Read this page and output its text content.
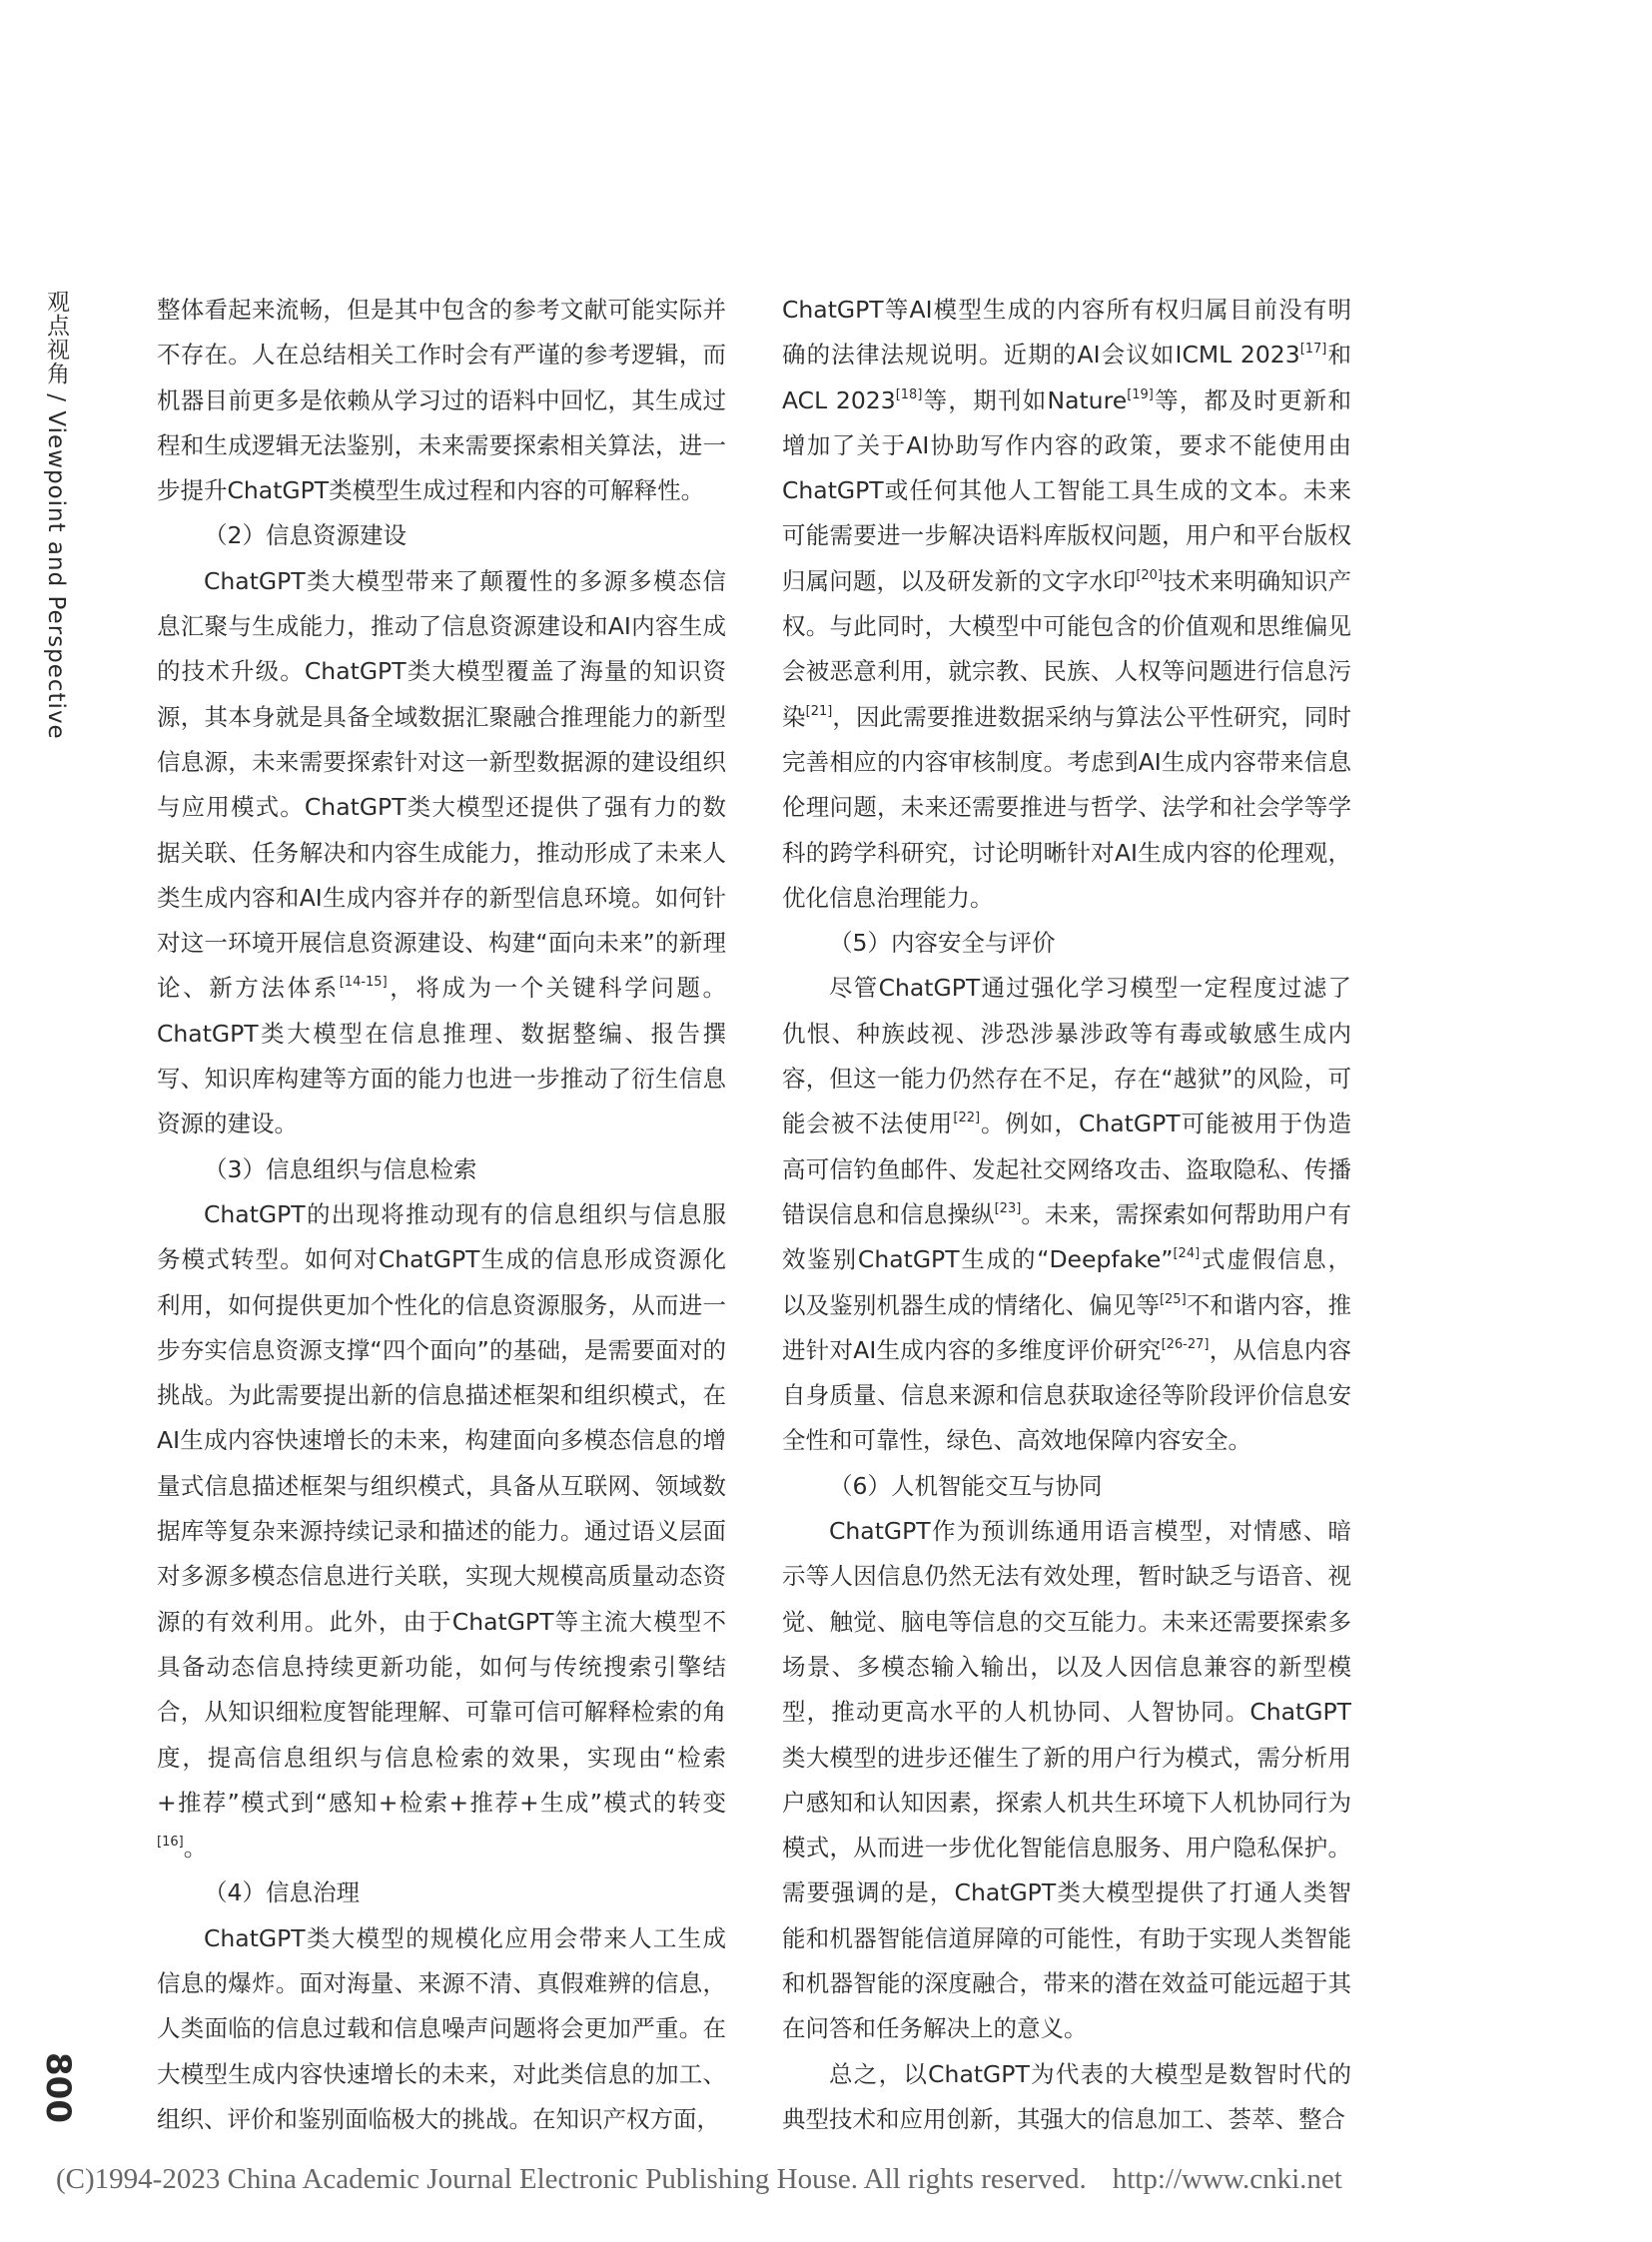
观点视角 / Viewpoint and Perspective
800

整体看起来流畅，但是其中包含的参考文献可能实际并不存在。人在总结相关工作时会有严谨的参考逻辑，而机器目前更多是依赖从学习过的语料中回忆，其生成过程和生成逻辑无法鉴别，未来需要探索相关算法，进一步提升ChatGPT类模型生成过程和内容的可解释性。

（2）信息资源建设

ChatGPT类大模型带来了颠覆性的多源多模态信息汇聚与生成能力，推动了信息资源建设和AI内容生成的技术升级。ChatGPT类大模型覆盖了海量的知识资源，其本身就是具备全域数据汇聚融合推理能力的新型信息源，未来需要探索针对这一新型数据源的建设组织与应用模式。ChatGPT类大模型还提供了强有力的数据关联、任务解决和内容生成能力，推动形成了未来人类生成内容和AI生成内容并存的新型信息环境。如何针对这一环境开展信息资源建设、构建“面向未来”的新理论、新方法体系[14-15]，将成为一个关键科学问题。ChatGPT类大模型在信息推理、数据整编、报告撰写、知识库构建等方面的能力也进一步推动了衍生信息资源的建设。

（3）信息组织与信息检索

ChatGPT的出现将推动现有的信息组织与信息服务模式转型。如何对ChatGPT生成的信息形成资源化利用，如何提供更加个性化的信息资源服务，从而进一步夯实信息资源支撑“四个面向”的基础，是需要面对的挑战。为此需要提出新的信息描述框架和组织模式，在AI生成内容快速增长的未来，构建面向多模态信息的增量式信息描述框架与组织模式，具备从互联网、领域数据库等复杂来源持续记录和描述的能力。通过语义层面对多源多模态信息进行关联，实现大规模高质量动态资源的有效利用。此外，由于ChatGPT等主流大模型不具备动态信息持续更新功能，如何与传统搜索引擎结合，从知识细粒度智能理解、可靠可信可解释检索的角度，提高信息组织与信息检索的效果，实现由“检索+推荐”模式到“感知+检索+推荐+生成”模式的转变[16]。

（4）信息治理

ChatGPT类大模型的规模化应用会带来人工生成信息的爆炸。面对海量、来源不清、真假难辨的信息，人类面临的信息过载和信息噪声问题将会更加严重。在大模型生成内容快速增长的未来，对此类信息的加工、组织、评价和鉴别面临极大的挑战。在知识产权方面，

ChatGPT等AI模型生成的内容所有权归属目前没有明确的法律法规说明。近期的AI会议如ICML 2023[17]和ACL 2023[18]等，期刊如Nature[19]等，都及时更新和增加了关于AI协助写作内容的政策，要求不能使用由ChatGPT或任何其他人工智能工具生成的文本。未来可能需要进一步解决语料库版权问题，用户和平台版权归属问题，以及研发新的文字水印[20]技术来明确知识产权。与此同时，大模型中可能包含的价值观和思维偏见会被恶意利用，就宗教、民族、人权等问题进行信息污染[21]，因此需要推进数据采纳与算法公平性研究，同时完善相应的内容审核制度。考虑到AI生成内容带来信息伦理问题，未来还需要推进与哲学、法学和社会学等学科的跨学科研究，讨论明晰针对AI生成内容的伦理观，优化信息治理能力。

（5）内容安全与评价

尽管ChatGPT通过强化学习模型一定程度过滤了仇恨、种族歧视、涉恐涉暴涉政等有毒或敏感生成内容，但这一能力仍然存在不足，存在“越狱”的风险，可能会被不法使用[22]。例如，ChatGPT可能被用于伪造高可信钓鱼邮件、发起社交网络攻击、盗取隐私、传播错误信息和信息操纵[23]。未来，需探索如何帮助用户有效鉴别ChatGPT生成的“Deepfake”[24]式虚假信息，以及鉴别机器生成的情绪化、偏见等[25]不和谐内容，推进针对AI生成内容的多维度评价研究[26-27]，从信息内容自身质量、信息来源和信息获取途径等阶段评价信息安全性和可靠性，绿色、高效地保障内容安全。

（6）人机智能交互与协同

ChatGPT作为预训练通用语言模型，对情感、暗示等人因信息仍然无法有效处理，暂时缺乏与语音、视觉、触觉、脑电等信息的交互能力。未来还需要探索多场景、多模态输入输出，以及人因信息兼容的新型模型，推动更高水平的人机协同、人智协同。ChatGPT类大模型的进步还催生了新的用户行为模式，需分析用户感知和认知因素，探索人机共生环境下人机协同行为模式，从而进一步优化智能信息服务、用户隐私保护。需要强调的是，ChatGPT类大模型提供了打通人类智能和机器智能信道屏障的可能性，有助于实现人类智能和机器智能的深度融合，带来的潜在效益可能远超于其在问答和任务解决上的意义。

总之，以ChatGPT为代表的大模型是数智时代的典型技术和应用创新，其强大的信息加工、荟萃、整合

(C)1994-2023 China Academic Journal Electronic Publishing House. All rights reserved. http://www.cnki.net
